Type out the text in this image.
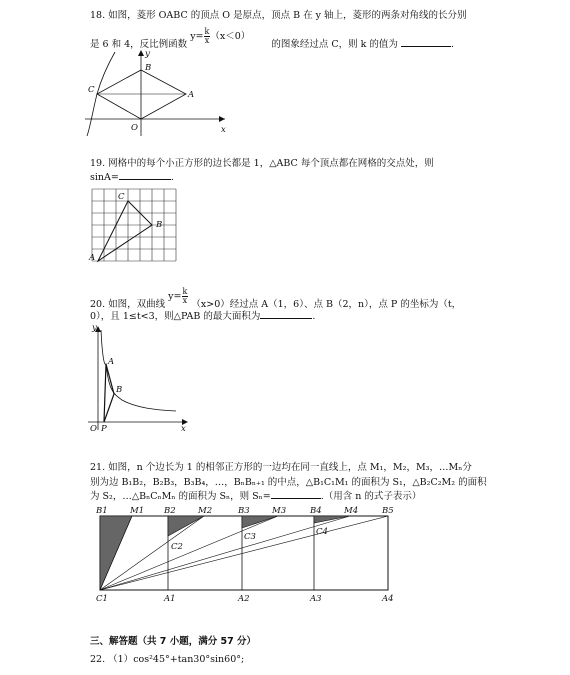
18. 如图，菱形 OABC 的顶点 O 是原点，顶点 B 在 y 轴上，菱形的两条对角线的长分别
是 6 和 4，反比例函数 $y= \frac{k}{x} (x<0)$ 的图象经过点 C，则 k 的值为	.
y
x
B
C	A
O
19. 网格中的每个小正方形的边长都是 1，△ABC 每个顶点都在网格的交点处，则
sinA=	.
C
B
A
20. 如图，双曲线 $y= \frac{k}{x} (x>0)$经过点 A（1，6）、点 B（2，n），点 P 的坐标为（t，
0），且 1≤t<3，则△PAB 的最大面积为	.
y
A
B
O P	x
21. 如图，n 个边长为 1 的相邻正方形的一边均在同一直线上，点 M₁，M₂，M₃，…Mₙ分
别为边 B₁B₂，B₂B₃，B₃B₄，…，BₙBₙ₊₁ 的中点，△B₁C₁M₁ 的面积为 S₁，△B₂C₂M₂ 的面积
为 S₂，…△BₙCₙMₙ 的面积为 Sₙ，则 Sₙ=	.（用含 n 的式子表示）
B1	M1 B2	M2	B3	M3	B4	M4	B5
C2
C3	C4
C1	A1	A2	A3	A4
三、解答题（共 7 小题，满分 57 分）
22. （1）cos²45°+tan30°sin60°;
